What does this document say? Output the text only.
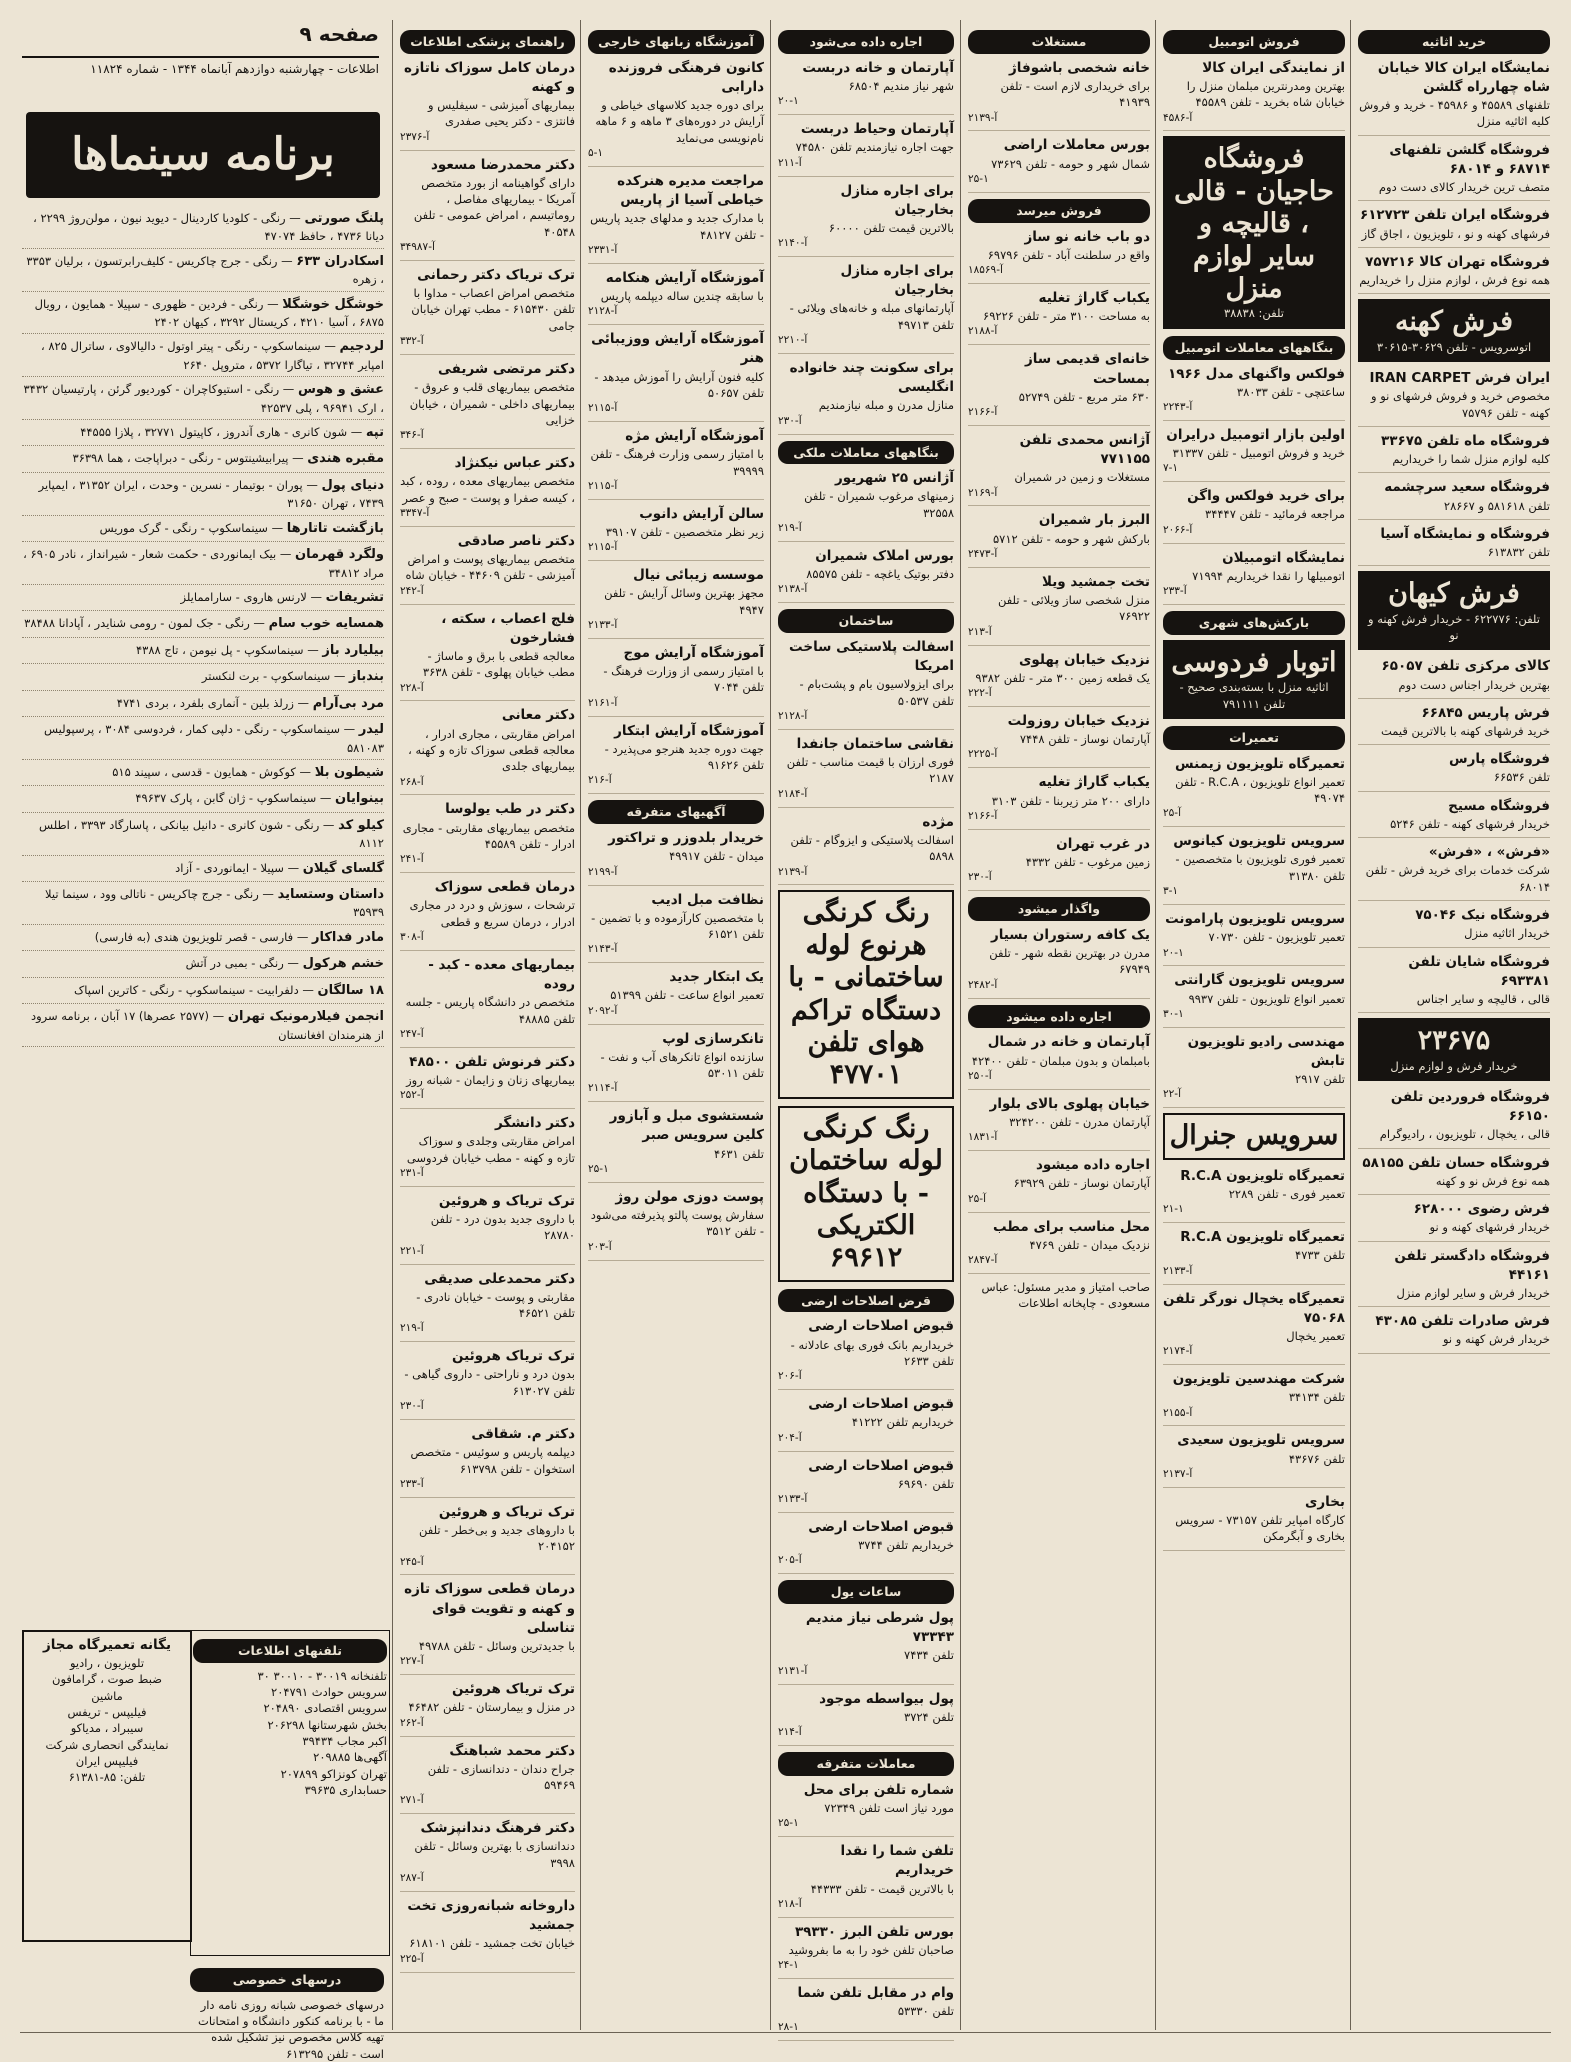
صفحه ۹
اطلاعات - چهارشنبه دوازدهم آبانماه ۱۳۴۴ - شماره ۱۱۸۲۴
برنامه سینماها
پلنگ صورتی — رنگی - کلودیا کاردینال - دیوید نیون ، مولن‌روژ ۲۲۹۹ ، دیانا ۴۷۳۶ ، حافظ ۴۷۰۷۴
اسکادران ۶۳۳ — رنگی - جرج چاکریس - کلیف‌رابرتسون ، برلیان ۳۳۵۳ ، زهره
خوشگل خوشگلا — رنگی - فردین - ظهوری - سپیلا - همایون ، رویال ۶۸۷۵ ، آسیا ۴۲۱۰ ، کریستال ۳۲۹۲ ، کیهان ۲۴۰۲
لردجیم — سینماسکوپ - رنگی - پیتر اوتول - دالیالاوی ، ساترال ۸۲۵ ، امپایر ۳۲۷۴۴ ، تیاگارا ۵۳۷۲ ، متروپل ۲۶۴۰
عشق و هوس — رنگی - استیوکاچران - کوردیور گرئن ، پارتیسیان ۳۴۳۲ ، ارک ۹۶۹۴۱ ، پلی ۴۲۵۳۷
تپه — شون کانری - هاری آندروز ، کاپیتول ۳۲۷۷۱ ، پلازا ۴۴۵۵۵
مقبره هندی — پیرابیشینتوس - رنگی - دبراپاجت ، هما ۳۶۳۹۸
دنیای پول — پوران - بوتیمار - نسرین - وحدت ، ایران ۳۱۳۵۲ ، ایمپایر ۷۴۳۹ ، تهران ۳۱۶۵۰
بازگشت تاتارها — سینماسکوپ - رنگی - گرک موریس
ولگرد قهرمان — بیک ایمانوردی - حکمت شعار - شیرانداز ، نادر ۶۹۰۵ ، مراد ۳۴۸۱۲
تشریفات — لارنس هاروی - ساراممایلز
همسایه خوب سام — رنگی - جک لمون - رومی شنایدر ، آپادانا ۳۸۴۸۸
بیلیارد باز — سینماسکوپ - پل نیومن ، تاج ۴۳۸۸
بندباز — سینماسکوپ - برت لنکستر
مرد بی‌آرام — زرلذ بلین - آنماری بلفرد ، بردی ۴۷۴۱
لیدر — سینماسکوپ - رنگی - دلپی کمار ، فردوسی ۳۰۸۴ ، پرسپولیس ۵۸۱۰۸۳
شیطون بلا — کوکوش - همایون - قدسی ، سپیند ۵۱۵
بینوایان — سینماسکوپ - ژان گابن ، پارک ۴۹۶۳۷
کیلو کد — رنگی - شون کانری - دانیل بیانکی ، پاسارگاد ۳۳۹۳ ، اطلس ۸۱۱۲
گلسای گیلان — سپیلا - ایمانوردی - آزاد
داستان وستساید — رنگی - جرج چاکریس - ناتالی وود ، سینما تیلا ۳۵۹۳۹
مادر فداکار — فارسی - قصر تلویزیون هندی (به فارسی)
خشم هرکول — رنگی - بمبی در آتش
۱۸ سالگان — دلفرابیت - سینماسکوپ - رنگی - کاترین اسپاک
انجمن فیلارمونیک تهران — (۲۵۷۷ عصرها) ۱۷ آبان ، برنامه سرود از هنرمندان افغانستان
تلفنهای اطلاعات
تلفنخانه ۳۰۰۱۹ - ۳۰۰۱۰ ۳۰
سرویس حوادث ۲۰۴۷۹۱
سرویس اقتصادی ۲۰۴۸۹۰
بخش شهرستانها ۲۰۶۲۹۸
اکبر مجاب ۳۹۴۳۴
آگهی‌ها ۲۰۹۸۸۵
تهران کونزاکو ۲۰۷۸۹۹
حسابداری ۳۹۶۳۵
یگانه تعمیرگاه مجاز
تلویزیون ، رادیو
ضبط صوت ، گرامافون
ماشین
فیلیپس - تریفس
سیبراد ، مدیاکو
نمایندگی انحصاری شرکت فیلیپس ایران
تلفن: ۸۵-۶۱۳۸۱
درسهای خصوصی
درسهای خصوصی شبانه روزی نامه دار ما - با برنامه کنکور دانشگاه و امتحانات تهیه کلاس مخصوص نیز تشکیل شده است - تلفن ۶۱۳۲۹۵
راهنمای پزشکی اطلاعات
درمان کامل سوزاک ناتازه و کهنه
بیماریهای آمیزشی - سیفلیس و فانتزی - دکتر یحیی صفدری
آ-۲۳۷۶
دکتر محمدرضا مسعود
دارای گواهینامه از بورد متخصص آمریکا - بیماریهای مفاصل ، روماتیسم ، امراض عمومی - تلفن ۴۰۵۴۸
آ-۳۴۹۸۷
ترک تریاک دکتر رحمانی
متخصص امراض اعصاب - مداوا با تلفن ۶۱۵۴۳۰ - مطب تهران خیابان جامی
آ-۳۳۲
دکتر مرتضی شریفی
متخصص بیماریهای قلب و عروق - بیماریهای داخلی - شمیران ، خیابان خزایی
آ-۳۴۶
دکتر عباس نیکنژاد
متخصص بیماریهای معده ، روده ، کبد ، کیسه صفرا و پوست - صبح و عصر
آ-۳۳۴۷
دکتر ناصر صادقی
متخصص بیماریهای پوست و امراض آمیزشی - تلفن ۴۴۶۰۹ - خیابان شاه
آ-۲۴۲
فلج اعصاب ، سکته ، فشارخون
معالجه قطعی با برق و ماساژ - مطب خیابان پهلوی - تلفن ۳۶۳۸
آ-۲۲۸
دکتر معانی
امراض مقاربتی ، مجاری ادرار ، معالجه قطعی سوزاک تازه و کهنه ، بیماریهای جلدی
آ-۲۶۸
دکتر در طب یولوسا
متخصص بیماریهای مقاربتی - مجاری ادرار - تلفن ۴۵۵۸۹
آ-۲۴۱
درمان قطعی سوزاک
ترشحات ، سوزش و درد در مجاری ادرار ، درمان سریع و قطعی
آ-۳۰۸
بیماریهای معده - کبد - روده
متخصص در دانشگاه پاریس - جلسه تلفن ۴۸۸۸۵
آ-۲۴۷
دکتر فرنوش تلفن ۴۸۵۰۰
بیماریهای زنان و زایمان - شبانه روز
آ-۲۵۲
دکتر دانشگر
امراض مقاربتی وجلدی و سوزاک تازه و کهنه - مطب خیابان فردوسی
آ-۲۳۱
ترک تریاک و هروئین
با داروی جدید بدون درد - تلفن ۲۸۷۸۰
آ-۲۲۱
دکتر محمدعلی صدیقی
مقاربتی و پوست - خیابان نادری - تلفن ۴۶۵۲۱
آ-۲۱۹
ترک تریاک هروئین
بدون درد و ناراحتی - داروی گیاهی - تلفن ۶۱۳۰۲۷
آ-۲۳۰
دکتر م. شقاقی
دیپلمه پاریس و سوئیس - متخصص استخوان - تلفن ۶۱۳۷۹۸
آ-۲۳۳
ترک تریاک و هروئین
با داروهای جدید و بی‌خطر - تلفن ۲۰۴۱۵۲
آ-۲۴۵
درمان قطعی سوزاک تازه و کهنه و تقویت قوای تناسلی
با جدیدترین وسائل - تلفن ۴۹۷۸۸
آ-۲۲۷
ترک تریاک هروئین
در منزل و بیمارستان - تلفن ۴۶۴۸۲
آ-۲۶۲
دکتر محمد شباهنگ
جراح دندان - دندانسازی - تلفن ۵۹۴۶۹
آ-۲۷۱
دکتر فرهنگ دندانپزشک
دندانسازی با بهترین وسائل - تلفن ۳۹۹۸
آ-۲۸۷
داروخانه شبانه‌روزی تخت جمشید
خیابان تخت جمشید - تلفن ۶۱۸۱۰۱
آ-۲۲۵
آموزشگاه زبانهای خارجی
کانون فرهنگی فروزنده دارابی
برای دوره جدید کلاسهای خیاطی و آرایش در دوره‌های ۳ ماهه و ۶ ماهه نام‌نویسی می‌نماید
۵-۱
مراجعت مدیره هنرکده خیاطی آسیا از پاریس
با مدارک جدید و مدلهای جدید پاریس - تلفن ۴۸۱۲۷
آ-۲۳۳۱
آموزشگاه آرایش هنکامه
با سابقه چندین ساله دیپلمه پاریس
آ-۲۱۲۸
آموزشگاه آرایش ووزیبائی هنر
کلیه فنون آرایش را آموزش میدهد - تلفن ۵۰۶۵۷
آ-۲۱۱۵
آموزشگاه آرایش مژه
با امتیاز رسمی وزارت فرهنگ - تلفن ۳۹۹۹۹
آ-۲۱۱۵
سالن آرایش دانوب
زیر نظر متخصصین - تلفن ۳۹۱۰۷
آ-۲۱۱۵
موسسه زیبائی نیال
مجهز بهترین وسائل آرایش - تلفن ۴۹۴۷
آ-۲۱۳۳
آموزشگاه آرایش موج
با امتیاز رسمی از وزارت فرهنگ - تلفن ۷۰۴۴
آ-۲۱۶۱
آموزشگاه آرایش ابتکار
جهت دوره جدید هنرجو می‌پذیرد - تلفن ۹۱۶۲۶
آ-۲۱۶
آگهیهای متفرقه
خریدار بلدوزر و تراکتور
میدان - تلفن ۴۹۹۱۷
آ-۲۱۹۹
نظافت مبل ادیب
با متخصصین کارآزموده و با تضمین - تلفن ۶۱۵۲۱
آ-۲۱۴۳
یک ابتکار جدید
تعمیر انواع ساعت - تلفن ۵۱۳۹۹
آ-۲۰۹۲
تانکرسازی لوپ
سازنده انواع تانکرهای آب و نفت - تلفن ۵۳۰۱۱
آ-۲۱۱۴
شستشوی مبل و آبازور کلین سرویس صبر
تلفن ۴۶۳۱
۲۵-۱
پوست دوزی مولن روژ
سفارش پوست پالتو پذیرفته می‌شود - تلفن ۳۵۱۲
آ-۲۰۳
اجاره داده می‌شود
آپارتمان و خانه دربست
شهر نیاز مندیم ۶۸۵۰۴
۲۰-۱
آپارتمان وحیاط دربست
جهت اجاره نیازمندیم تلفن ۷۴۵۸۰
آ-۲۱۱
برای اجاره منازل بخارجیان
بالاترین قیمت تلفن ۶۰۰۰۰
آ-۲۱۴۰
برای اجاره منازل بخارجیان
آپارتمانهای مبله و خانه‌های ویلائی - تلفن ۴۹۷۱۳
آ-۲۲۱۰
برای سکونت چند خانواده انگلیسی
منازل مدرن و مبله نیازمندیم
آ-۲۳۰
بنگاههای معاملات ملکی
آژانس ۲۵ شهریور
زمینهای مرغوب شمیران - تلفن ۳۲۵۵۸
آ-۲۱۹
بورس املاک شمیران
دفتر بوتیک یاغچه - تلفن ۸۵۵۷۵
آ-۲۱۳۸
ساختمان
اسفالت پلاستیکی ساخت امریکا
برای ایزولاسیون بام و پشت‌بام - تلفن ۵۰۵۳۷
آ-۲۱۲۸
نقاشی ساختمان جانفدا
فوری ارزان با قیمت مناسب - تلفن ۲۱۸۷
آ-۲۱۸۴
مژده
اسفالت پلاستیکی و ایزوگام - تلفن ۵۸۹۸
آ-۲۱۳۹
رنگ کرنگی هرنوع لوله ساختمانی - با دستگاه تراکم هوای تلفن ۴۷۷۰۱
رنگ کرنگی لوله ساختمان - با دستگاه الکتریکی ۶۹۶۱۲
قرض اصلاحات ارضی
قبوض اصلاحات ارضی
خریداریم بانک فوری بهای عادلانه - تلفن ۲۶۳۳
آ-۲۰۶
قبوض اصلاحات ارضی
خریداریم تلفن ۴۱۲۲۲
آ-۲۰۴
قبوض اصلاحات ارضی
تلفن ۶۹۶۹۰
آ-۲۱۳۳
قبوض اصلاحات ارضی
خریداریم تلفن ۳۷۴۴
آ-۲۰۵
ساعات یول
پول شرطی نیاز مندیم ۷۳۳۴۳
تلفن ۷۴۳۴
آ-۲۱۳۱
پول بیواسطه موجود
تلفن ۳۷۲۴
آ-۲۱۴
معاملات متفرقه
شماره تلفن برای محل
مورد نیاز است تلفن ۷۲۳۴۹
۲۵-۱
تلفن شما را نقدا خریداریم
با بالاترین قیمت - تلفن ۴۴۳۳۳
آ-۲۱۸
بورس تلفن البرز ۳۹۳۳۰
صاحبان تلفن خود را به ما بفروشید
۲۴-۱
وام در مقابل تلفن شما
تلفن ۵۳۳۳۰
۲۸-۱
مستغلات
خانه شخصی باشوفاژ
برای خریداری لازم است - تلفن ۴۱۹۳۹
آ-۲۱۳۹
بورس معاملات اراضی
شمال شهر و حومه - تلفن ۷۳۶۲۹
۲۵-۱
فروش میرسد
دو باب خانه نو ساز
واقع در سلطنت آباد - تلفن ۶۹۷۹۶
آ-۱۸۵۶۹
یکباب گاراژ تغلیه
به مساحت ۳۱۰۰ متر - تلفن ۶۹۲۲۶
آ-۲۱۸۸
خانه‌ای قدیمی ساز بمساحت
۶۳۰ متر مربع - تلفن ۵۲۷۴۹
آ-۲۱۶۶
آژانس محمدی تلفن ۷۷۱۱۵۵
مستغلات و زمین در شمیران
آ-۲۱۶۹
البرز بار شمیران
بارکش شهر و حومه - تلفن ۵۷۱۲
آ-۲۴۷۳
تخت جمشید ویلا
منزل شخصی ساز ویلائی - تلفن ۷۶۹۲۲
آ-۲۱۳
نزدیک خیابان پهلوی
یک قطعه زمین ۳۰۰ متر - تلفن ۹۳۸۲
آ-۲۲۲
نزدیک خیابان روزولت
آپارتمان نوساز - تلفن ۷۴۴۸
آ-۲۲۲۵
یکباب گاراژ تغلیه
دارای ۲۰۰ متر زیربنا - تلفن ۳۱۰۳
آ-۲۱۶۶
در غرب تهران
زمین مرغوب - تلفن ۴۳۳۲
آ-۲۳۰
واگذار میشود
یک کافه رستوران بسیار
مدرن در بهترین نقطه شهر - تلفن ۶۷۹۴۹
آ-۲۴۸۲
اجاره داده میشود
آپارتمان و خانه در شمال
بامبلمان و بدون مبلمان - تلفن ۴۲۴۰۰
آ-۲۵۰
خیابان پهلوی بالای بلوار
آپارتمان مدرن - تلفن ۳۲۴۲۰۰
آ-۱۸۳۱
اجاره داده میشود
آپارتمان نوساز - تلفن ۶۳۹۲۹
آ-۲۵
محل مناسب برای مطب
نزدیک میدان - تلفن ۴۷۶۹
آ-۲۸۴۷
صاحب امتیاز و مدیر مسئول: عباس مسعودی - چاپخانه اطلاعات
فروش اتومبیل
از نمایندگی ایران کالا
بهترین ومدرنترین مبلمان منزل را خیابان شاه بخرید - تلفن ۴۵۵۸۹
آ-۴۵۸۶
فروشگاه حاجیان - قالی ، قالیچه و سایر لوازم منزل
تلفن: ۳۸۸۳۸
بنگاههای معاملات اتومبیل
فولکس واگنهای مدل ۱۹۶۶
ساعتچی - تلفن ۳۸۰۳۳
آ-۲۲۴۳
اولین بازار اتومبیل درایران
خرید و فروش اتومبیل - تلفن ۳۱۳۳۷
۷-۱
برای خرید فولکس واگن
مراجعه فرمائید - تلفن ۳۴۴۴۷
آ-۲۰۶۶
نمایشگاه اتومبیلان
اتومبیلها را نقدا خریداریم ۷۱۹۹۴
آ-۲۳۳
بارکش‌های شهری
اتوبار فردوسی
اثاثیه منزل با بسته‌بندی صحیح - تلفن ۷۹۱۱۱۱
تعمیرات
تعمیرگاه تلویزیون زیمنس
تعمیر انواع تلویزیون ، R.C.A - تلفن ۴۹۰۷۴
آ-۲۵
سرویس تلویزیون کیانوس
تعمیر فوری تلویزیون با متخصصین - تلفن ۳۱۳۸۰
۳-۱
سرویس تلویزیون پارامونت
تعمیر تلویزیون - تلفن ۷۰۷۳۰
۲۰-۱
سرویس تلویزیون گارانتی
تعمیر انواع تلویزیون - تلفن ۹۹۳۷
۳۰-۱
مهندسی رادیو تلویزیون تابش
تلفن ۲۹۱۷
آ-۲۲
سرویس جنرال
تعمیرگاه تلویزیون R.C.A
تعمیر فوری - تلفن ۲۲۸۹
۲۱-۱
تعمیرگاه تلویزیون R.C.A
تلفن ۴۷۳۳
آ-۲۱۳۳
تعمیرگاه یخچال نورگر تلفن ۷۵۰۶۸
تعمیر یخچال
آ-۲۱۷۴
شرکت مهندسین تلویزیون
تلفن ۳۴۱۳۴
آ-۲۱۵۵
سرویس تلویزیون سعیدی
تلفن ۴۳۶۷۶
آ-۲۱۳۷
بخاری
کارگاه امپایر تلفن ۷۳۱۵۷ - سرویس بخاری و آبگرمکن
خرید اثاثیه
نمایشگاه ایران کالا خیابان شاه چهارراه گلشن
تلفنهای ۴۵۵۸۹ و ۴۵۹۸۶ - خرید و فروش کلیه اثاثیه منزل
فروشگاه گلشن تلفنهای ۶۸۷۱۴ و ۶۸۰۱۴
متصف ترین خریدار کالای دست دوم
فروشگاه ایران تلفن ۶۱۲۷۲۳
فرشهای کهنه و نو ، تلویزیون ، اجاق گاز
فروشگاه تهران کالا ۷۵۷۲۱۶
همه نوع فرش ، لوازم منزل را خریداریم
فرش کهنه
اتوسرویس - تلفن ۳۰۶۲۹-۳۰۶۱۵
ایران فرش IRAN CARPET
مخصوص خرید و فروش فرشهای نو و کهنه - تلفن ۷۵۷۹۶
فروشگاه ماه تلفن ۳۳۶۷۵
کلیه لوازم منزل شما را خریداریم
فروشگاه سعید سرچشمه
تلفن ۵۸۱۶۱۸ و ۲۸۶۶۷
فروشگاه و نمایشگاه آسیا
تلفن ۶۱۳۸۳۲
فرش کیهان
تلفن: ۶۲۲۷۷۶ - خریدار فرش کهنه و نو
کالای مرکزی تلفن ۶۵۰۵۷
بهترین خریدار اجناس دست دوم
فرش پاریس ۶۶۸۴۵
خرید فرشهای کهنه با بالاترین قیمت
فروشگاه پارس
تلفن ۶۶۵۳۶
فروشگاه مسیح
خریدار فرشهای کهنه - تلفن ۵۲۴۶
«فرش» ، «فرش»
شرکت خدمات برای خرید فرش - تلفن ۶۸۰۱۴
فروشگاه نیک ۷۵۰۴۶
خریدار اثاثیه منزل
فروشگاه شایان تلفن ۶۹۳۳۸۱
قالی ، قالیچه و سایر اجناس
۲۳۶۷۵
خریدار فرش و لوازم منزل
فروشگاه فروردین تلفن ۶۶۱۵۰
قالی ، یخچال ، تلویزیون ، رادیوگرام
فروشگاه حسان تلفن ۵۸۱۵۵
همه نوع فرش نو و کهنه
فرش رضوی ۶۲۸۰۰۰
خریدار فرشهای کهنه و نو
فروشگاه دادگستر تلفن ۴۴۱۶۱
خریدار فرش و سایر لوازم منزل
فرش صادرات تلفن ۴۳۰۸۵
خریدار فرش کهنه و نو
